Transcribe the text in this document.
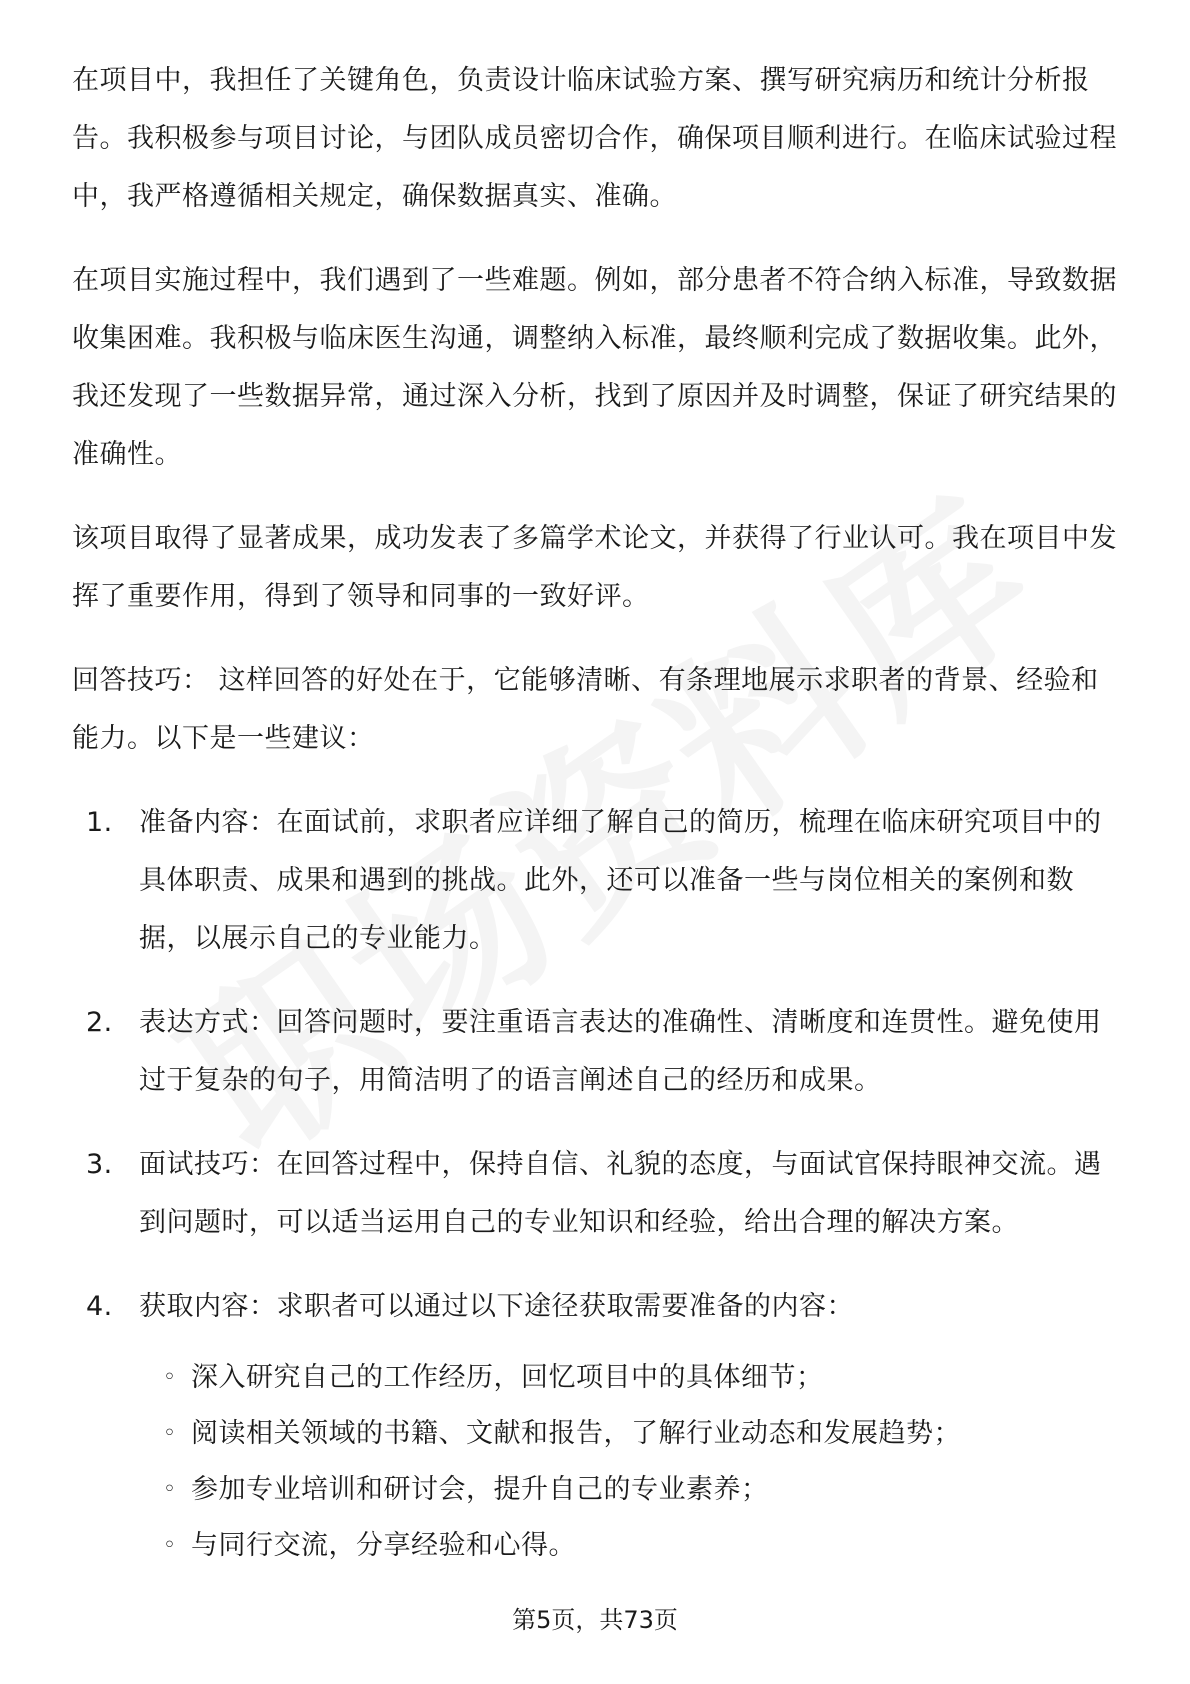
在项目中，我担任了关键角色，负责设计临床试验方案、撰写研究病历和统计分析报告。我积极参与项目讨论，与团队成员密切合作，确保项目顺利进行。在临床试验过程中，我严格遵循相关规定，确保数据真实、准确。

在项目实施过程中，我们遇到了一些难题。例如，部分患者不符合纳入标准，导致数据收集困难。我积极与临床医生沟通，调整纳入标准，最终顺利完成了数据收集。此外，我还发现了一些数据异常，通过深入分析，找到了原因并及时调整，保证了研究结果的准确性。

该项目取得了显著成果，成功发表了多篇学术论文，并获得了行业认可。我在项目中发挥了重要作用，得到了领导和同事的一致好评。

回答技巧： 这样回答的好处在于，它能够清晰、有条理地展示求职者的背景、经验和能力。以下是一些建议：

1. 准备内容：在面试前，求职者应详细了解自己的简历，梳理在临床研究项目中的具体职责、成果和遇到的挑战。此外，还可以准备一些与岗位相关的案例和数据，以展示自己的专业能力。
2. 表达方式：回答问题时，要注重语言表达的准确性、清晰度和连贯性。避免使用过于复杂的句子，用简洁明了的语言阐述自己的经历和成果。
3. 面试技巧：在回答过程中，保持自信、礼貌的态度，与面试官保持眼神交流。遇到问题时，可以适当运用自己的专业知识和经验，给出合理的解决方案。
4. 获取内容：求职者可以通过以下途径获取需要准备的内容：
◦ 深入研究自己的工作经历，回忆项目中的具体细节；
◦ 阅读相关领域的书籍、文献和报告，了解行业动态和发展趋势；
◦ 参加专业培训和研讨会，提升自己的专业素养；
◦ 与同行交流，分享经验和心得。
第5页，共73页
